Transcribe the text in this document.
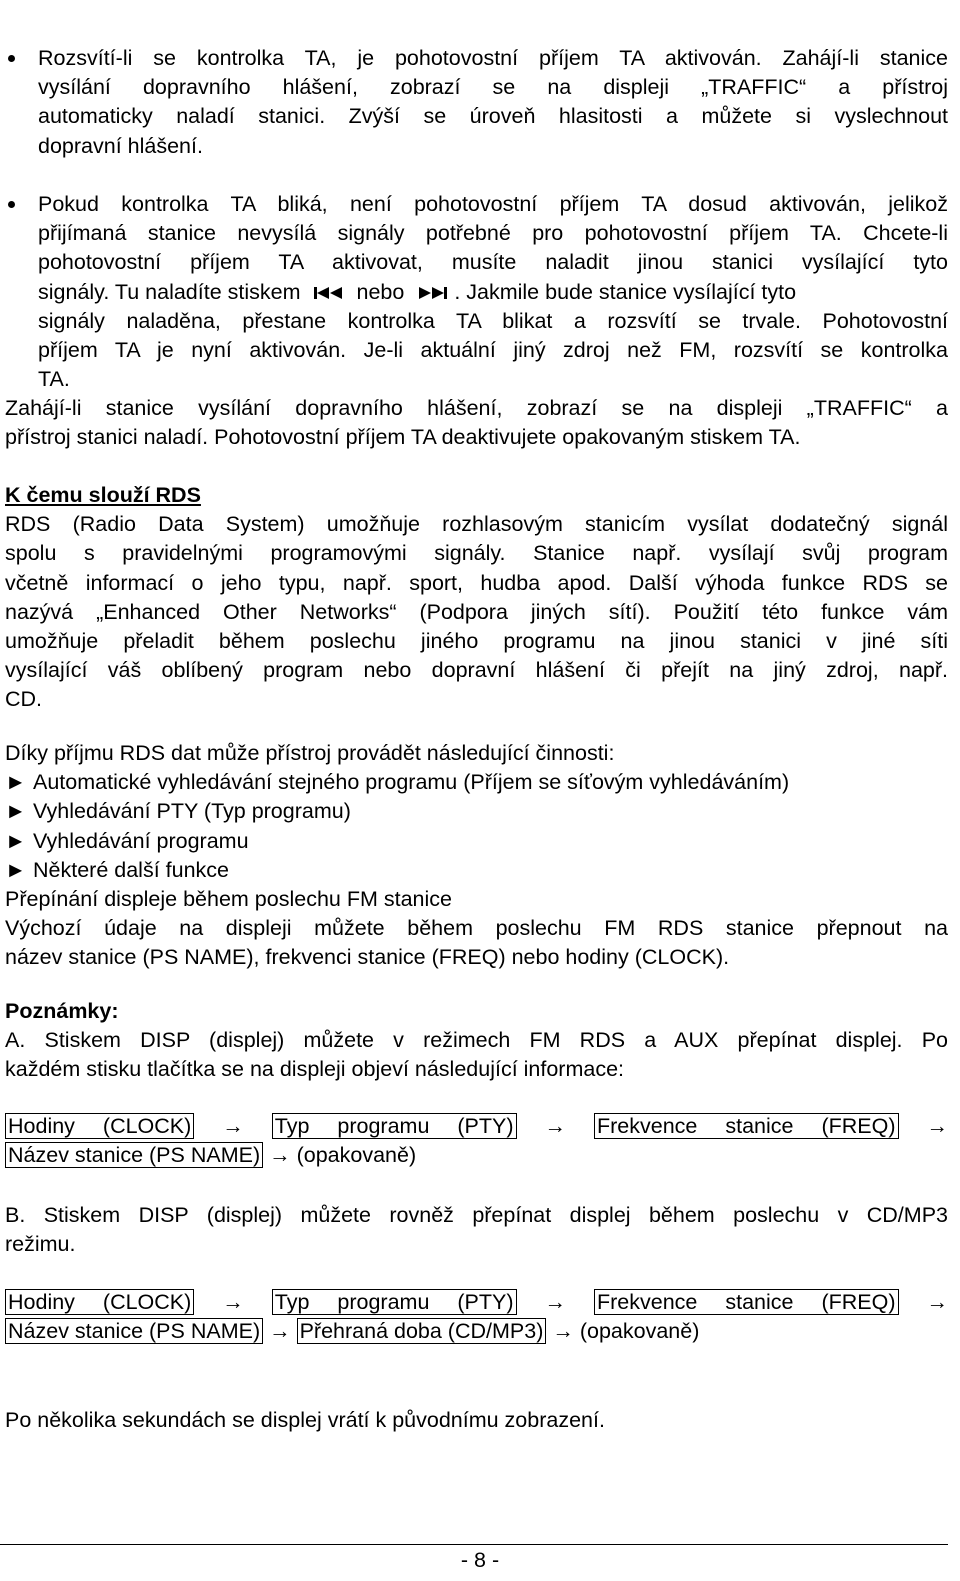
Rozsvítí-li se kontrolka TA, je pohotovostní příjem TA aktivován. Zahájí-li stanice
vysílání dopravního hlášení, zobrazí se na displeji „TRAFFIC“ a přístroj
automaticky naladí stanici. Zvýší se úroveň hlasitosti a můžete si vyslechnout
dopravní hlášení.
Pokud kontrolka TA bliká, není pohotovostní příjem TA dosud aktivován, jelikož
přijímaná stanice nevysílá signály potřebné pro pohotovostní příjem TA. Chcete-li
pohotovostní příjem TA aktivovat, musíte naladit jinou stanici vysílající tyto
signály. Tu naladíte stiskem	nebo . Jakmile bude stanice vysílající tyto
signály naladěna, přestane kontrolka TA blikat a rozsvítí se trvale. Pohotovostní
příjem TA je nyní aktivován. Je-li aktuální jiný zdroj než FM, rozsvítí se kontrolka
TA.
Zahájí-li stanice vysílání dopravního hlášení, zobrazí se na displeji „TRAFFIC“ a
přístroj stanici naladí. Pohotovostní příjem TA deaktivujete opakovaným stiskem TA.
K čemu slouží RDS
RDS (Radio Data System) umožňuje rozhlasovým stanicím vysílat dodatečný signál
spolu s pravidelnými programovými signály. Stanice např. vysílají svůj program
včetně informací o jeho typu, např. sport, hudba apod. Další výhoda funkce RDS se
nazývá „Enhanced Other Networks“ (Podpora jiných sítí). Použití této funkce vám
umožňuje přeladit během poslechu jiného programu na jinou stanici v jiné síti
vysílající váš oblíbený program nebo dopravní hlášení či přejít na jiný zdroj, např.
CD.
Díky příjmu RDS dat může přístroj provádět následující činnosti:
► Automatické vyhledávání stejného programu (Příjem se síťovým vyhledáváním)
► Vyhledávání PTY (Typ programu)
► Vyhledávání programu
► Některé další funkce
Přepínání displeje během poslechu FM stanice
Výchozí údaje na displeji můžete během poslechu FM RDS stanice přepnout na
název stanice (PS NAME), frekvenci stanice (FREQ) nebo hodiny (CLOCK).
Poznámky:
A. Stiskem DISP (displej) můžete v režimech FM RDS a AUX přepínat displej. Po
každém stisku tlačítka se na displeji objeví následující informace:
Hodiny (CLOCK) → Typ programu (PTY) → Frekvence stanice (FREQ) →
Název stanice (PS NAME) → (opakovaně)
B. Stiskem DISP (displej) můžete rovněž přepínat displej během poslechu v CD/MP3
režimu.
Hodiny (CLOCK) → Typ programu (PTY) → Frekvence stanice (FREQ) →
Název stanice (PS NAME) → Přehraná doba (CD/MP3) → (opakovaně)
Po několika sekundách se displej vrátí k původnímu zobrazení.
- 8 -
